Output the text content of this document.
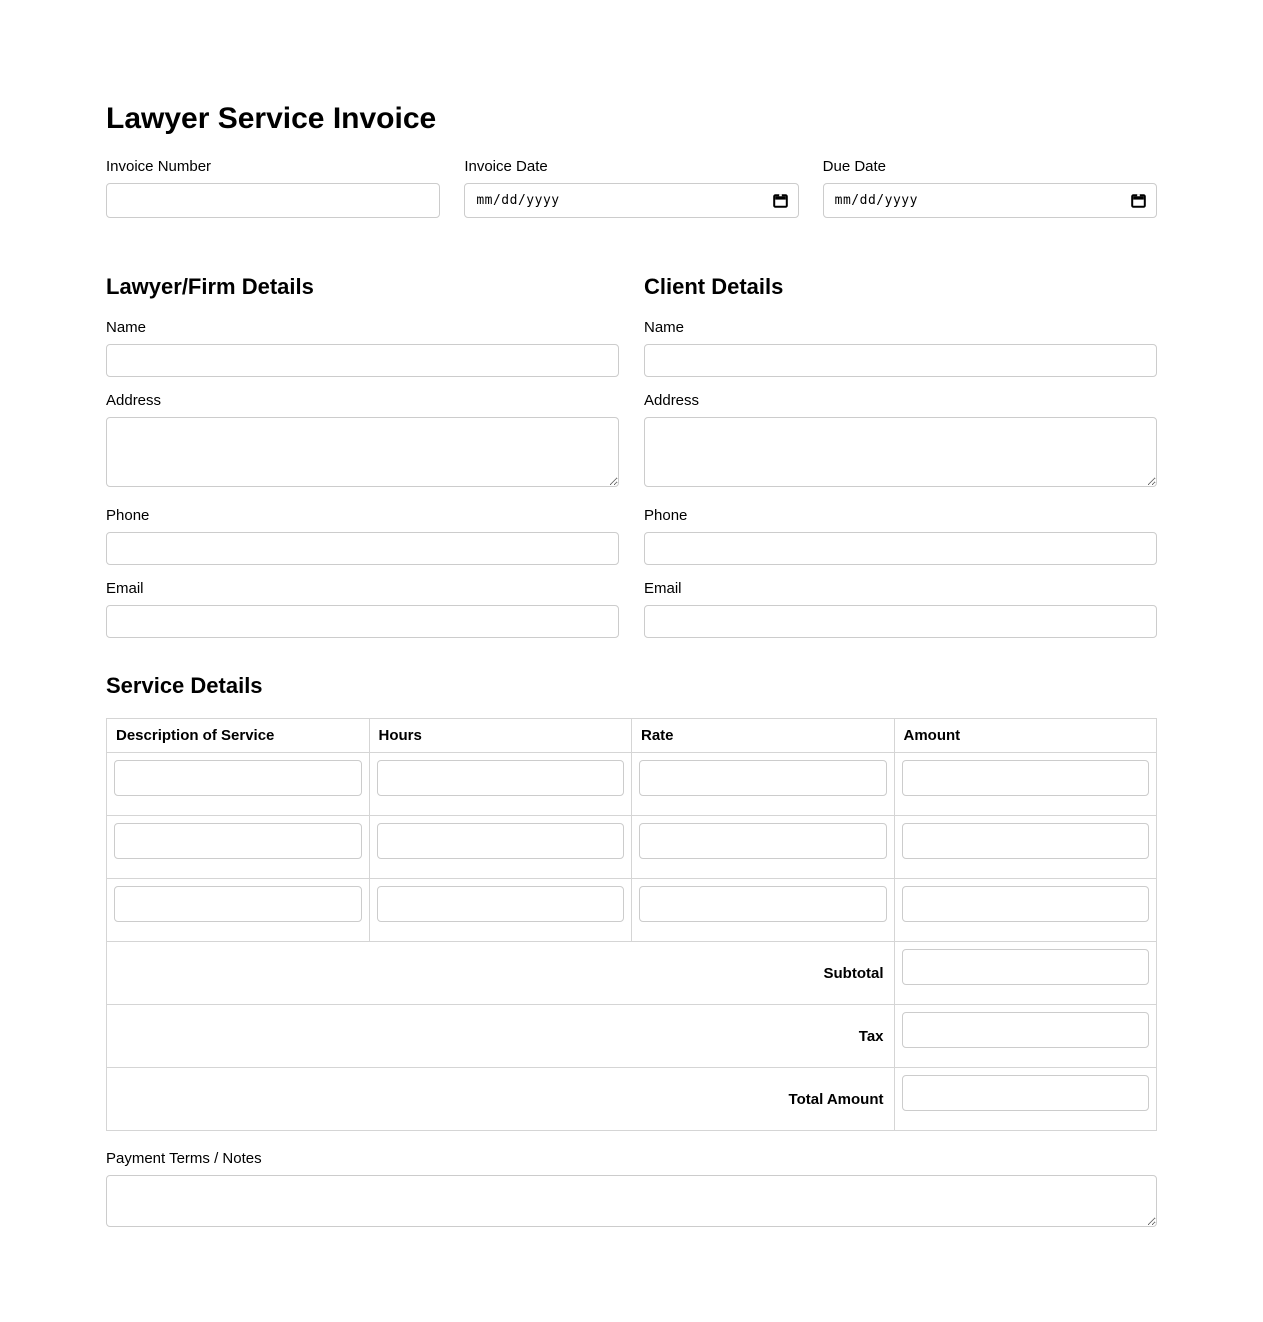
Lawyer Service Invoice
Invoice Number	Invoice Date
mm/dd/yyyy
Due Date
mm/dd/yyyy
Lawyer/Firm Details
Name
Address
Phone
Email
Client Details
Name
Address
Phone
Email
Service Details
Description of Service	Hours	Rate	Amount

Subtotal	
Tax	
Total Amount	
Payment Terms / Notes
